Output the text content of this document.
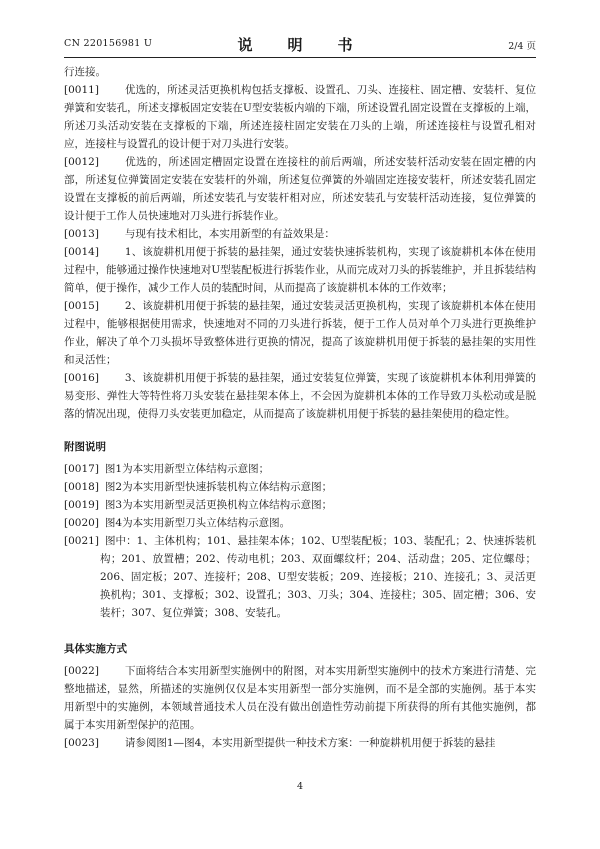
CN 220156981 U	说　明　书	2/4 页

行连接。

[0011] 优选的，所述灵活更换机构包括支撑板、设置孔、刀头、连接柱、固定槽、安装杆、复位弹簧和安装孔，所述支撑板固定安装在U型安装板内端的下端，所述设置孔固定设置在支撑板的上端，所述刀头活动安装在支撑板的下端，所述连接柱固定安装在刀头的上端，所述连接柱与设置孔相对应，连接柱与设置孔的设计便于对刀头进行安装。

[0012] 优选的，所述固定槽固定设置在连接柱的前后两端，所述安装杆活动安装在固定槽的内部，所述复位弹簧固定安装在安装杆的外端，所述复位弹簧的外端固定连接安装杆，所述安装孔固定设置在支撑板的前后两端，所述安装孔与安装杆相对应，所述安装孔与安装杆活动连接，复位弹簧的设计便于工作人员快速地对刀头进行拆装作业。

[0013] 与现有技术相比，本实用新型的有益效果是：

[0014] 1、该旋耕机用便于拆装的悬挂架，通过安装快速拆装机构，实现了该旋耕机本体在使用过程中，能够通过操作快速地对U型装配板进行拆装作业，从而完成对刀头的拆装维护，并且拆装结构简单，便于操作，减少工作人员的装配时间，从而提高了该旋耕机本体的工作效率；

[0015] 2、该旋耕机用便于拆装的悬挂架，通过安装灵活更换机构，实现了该旋耕机本体在使用过程中，能够根据使用需求，快速地对不同的刀头进行拆装，便于工作人员对单个刀头进行更换维护作业，解决了单个刀头损坏导致整体进行更换的情况，提高了该旋耕机用便于拆装的悬挂架的实用性和灵活性；

[0016] 3、该旋耕机用便于拆装的悬挂架，通过安装复位弹簧，实现了该旋耕机本体利用弹簧的易变形、弹性大等特性将刀头安装在悬挂架本体上，不会因为旋耕机本体的工作导致刀头松动或是脱落的情况出现，使得刀头安装更加稳定，从而提高了该旋耕机用便于拆装的悬挂架使用的稳定性。

附图说明

[0017] 图1为本实用新型立体结构示意图；

[0018] 图2为本实用新型快速拆装机构立体结构示意图；

[0019] 图3为本实用新型灵活更换机构立体结构示意图；

[0020] 图4为本实用新型刀头立体结构示意图。

[0021] 图中：1、主体机构；101、悬挂架本体；102、U型装配板；103、装配孔；2、快速拆装机构；201、放置槽；202、传动电机；203、双面螺纹杆；204、活动盘；205、定位螺母；206、固定板；207、连接杆；208、U型安装板；209、连接板；210、连接孔；3、灵活更换机构；301、支撑板；302、设置孔；303、刀头；304、连接柱；305、固定槽；306、安装杆；307、复位弹簧；308、安装孔。

具体实施方式

[0022] 下面将结合本实用新型实施例中的附图，对本实用新型实施例中的技术方案进行清楚、完整地描述，显然，所描述的实施例仅仅是本实用新型一部分实施例，而不是全部的实施例。基于本实用新型中的实施例，本领域普通技术人员在没有做出创造性劳动前提下所获得的所有其他实施例，都属于本实用新型保护的范围。

[0023] 请参阅图1—图4，本实用新型提供一种技术方案：一种旋耕机用便于拆装的悬挂

4
